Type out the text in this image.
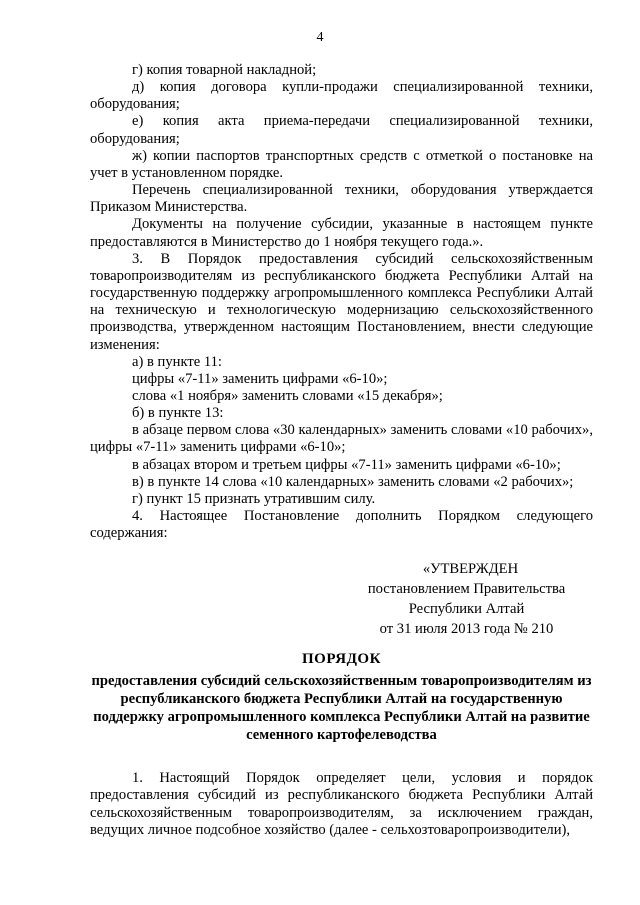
4

г) копия товарной накладной;

д) копия договора купли-продажи специализированной техники, оборудования;

е) копия акта приема-передачи специализированной техники, оборудования;

ж) копии паспортов транспортных средств с отметкой о постановке на учет в установленном порядке.

Перечень специализированной техники, оборудования утверждается Приказом Министерства.

Документы на получение субсидии, указанные в настоящем пункте предоставляются в Министерство до 1 ноября текущего года.».

3. В Порядок предоставления субсидий сельскохозяйственным товаропроизводителям из республиканского бюджета Республики Алтай на государственную поддержку агропромышленного комплекса Республики Алтай на техническую и технологическую модернизацию сельскохозяйственного производства, утвержденном настоящим Постановлением, внести следующие изменения:

а) в пункте 11:

цифры «7-11» заменить цифрами «6-10»;

слова «1 ноября» заменить словами «15 декабря»;

б) в пункте 13:

в абзаце первом слова «30 календарных» заменить словами «10 рабочих», цифры «7-11» заменить цифрами «6-10»;

в абзацах втором и третьем цифры «7-11» заменить цифрами «6-10»;

в) в пункте 14 слова «10 календарных» заменить словами «2 рабочих»;

г) пункт 15 признать утратившим силу.

4. Настоящее Постановление дополнить Порядком следующего содержания:

«УТВЕРЖДЕН
постановлением Правительства
Республики Алтай
от 31 июля 2013 года № 210
ПОРЯДОК
предоставления субсидий сельскохозяйственным товаропроизводителям из республиканского бюджета Республики Алтай на государственную поддержку агропромышленного комплекса Республики Алтай на развитие семенного картофелеводства

1. Настоящий Порядок определяет цели, условия и порядок предоставления субсидий из республиканского бюджета Республики Алтай сельскохозяйственным товаропроизводителям, за исключением граждан, ведущих личное подсобное хозяйство (далее - сельхозтоваропроизводители),
